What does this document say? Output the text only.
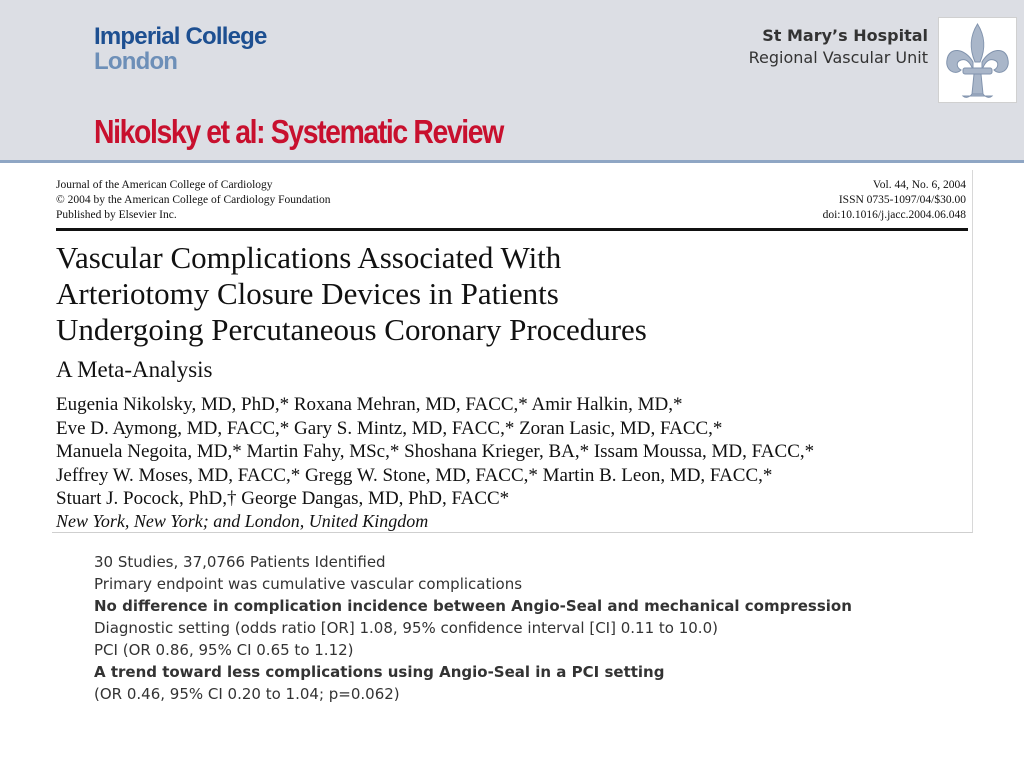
Imperial College
London
St Mary’s Hospital
Regional Vascular Unit
Nikolsky et al: Systematic Review
Journal of the American College of Cardiology
© 2004 by the American College of Cardiology Foundation
Published by Elsevier Inc.
Vol. 44, No. 6, 2004
ISSN 0735-1097/04/$30.00
doi:10.1016/j.jacc.2004.06.048
Vascular Complications Associated With
Arteriotomy Closure Devices in Patients
Undergoing Percutaneous Coronary Procedures
A Meta-Analysis
Eugenia Nikolsky, MD, PhD,* Roxana Mehran, MD, FACC,* Amir Halkin, MD,*
Eve D. Aymong, MD, FACC,* Gary S. Mintz, MD, FACC,* Zoran Lasic, MD, FACC,*
Manuela Negoita, MD,* Martin Fahy, MSc,* Shoshana Krieger, BA,* Issam Moussa, MD, FACC,*
Jeffrey W. Moses, MD, FACC,* Gregg W. Stone, MD, FACC,* Martin B. Leon, MD, FACC,*
Stuart J. Pocock, PhD,† George Dangas, MD, PhD, FACC*
New York, New York; and London, United Kingdom
30 Studies, 37,0766 Patients Identified
Primary endpoint was cumulative vascular complications
No difference in complication incidence between Angio-Seal and mechanical compression
Diagnostic setting (odds ratio [OR] 1.08, 95% confidence interval [CI] 0.11 to 10.0)
PCI (OR 0.86, 95% CI 0.65 to 1.12)
A trend toward less complications using Angio-Seal in a PCI setting
(OR 0.46, 95% CI 0.20 to 1.04; p=0.062)
